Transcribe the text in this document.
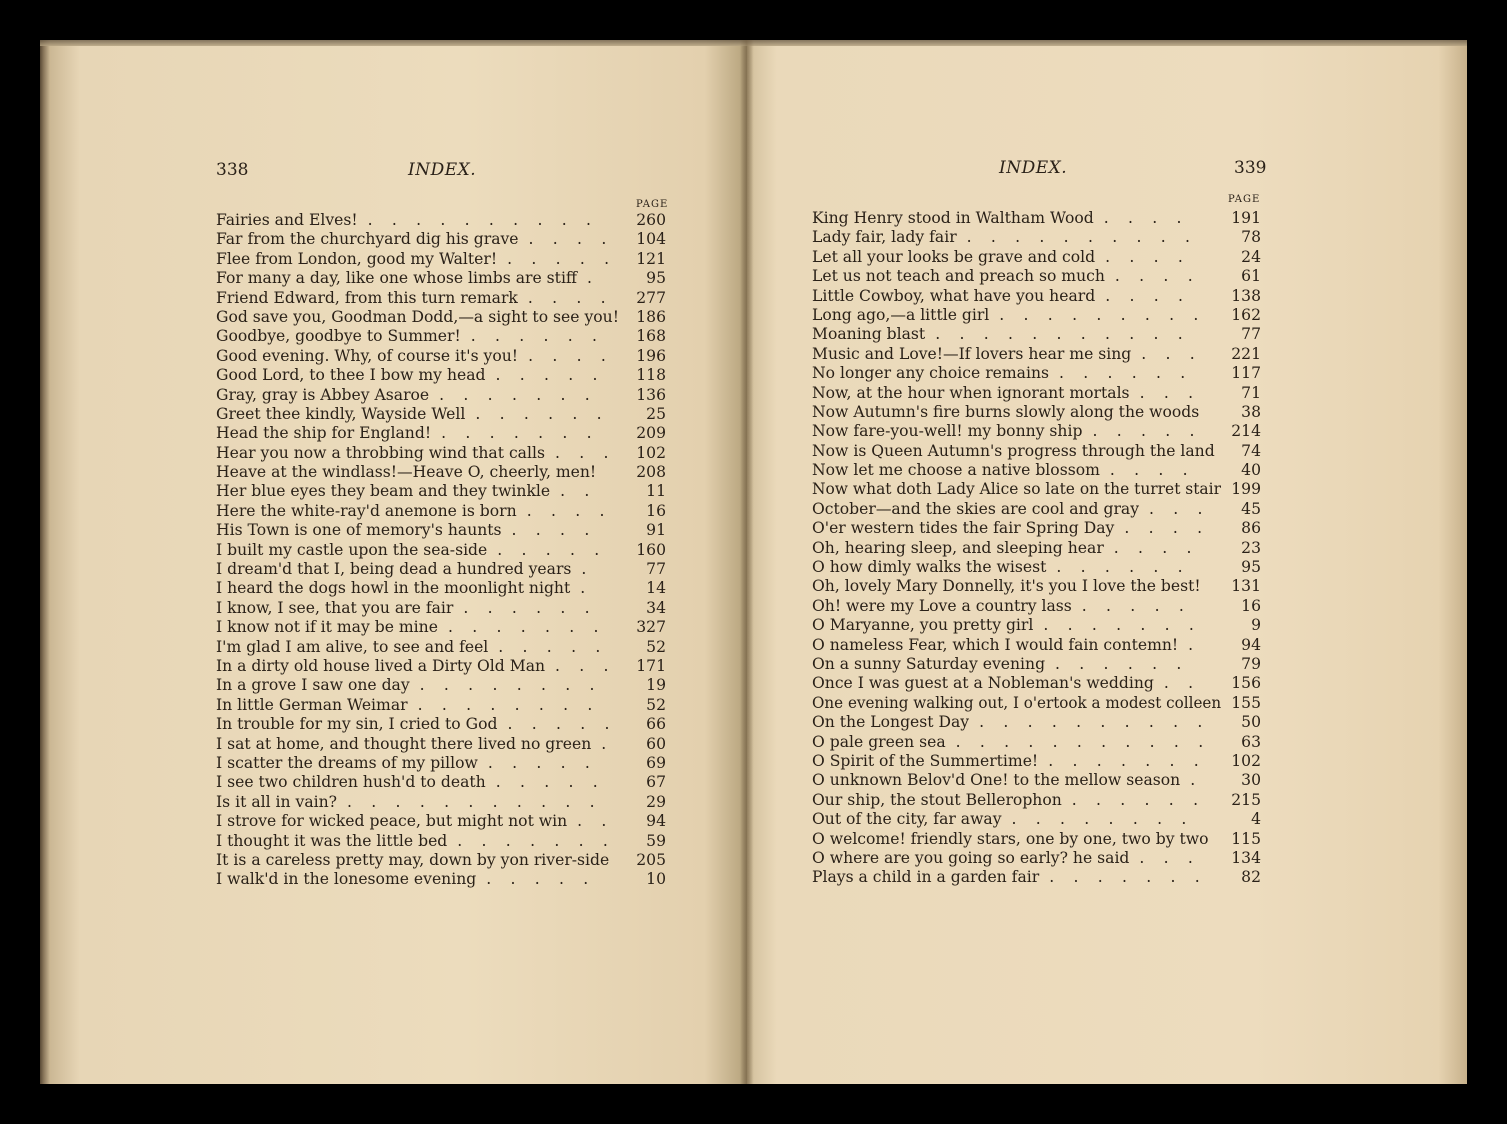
338	INDEX.
PAGE
Fairies and Elves! .......... 260
Far from the churchyard dig his grave .... 104
Flee from London, good my Walter! ..... 121
For many a day, like one whose limbs are stiff . 95
Friend Edward, from this turn remark .... 277
God save you, Goodman Dodd,—a sight to see you! 186
Goodbye, goodbye to Summer! ...... 168
Good evening. Why, of course it's you! .... 196
Good Lord, to thee I bow my head ..... 118
Gray, gray is Abbey Asaroe ....... 136
Greet thee kindly, Wayside Well ...... 25
Head the ship for England! ....... 209
Hear you now a throbbing wind that calls ... 102
Heave at the windlass!—Heave O, cheerly, men!	208
Her blue eyes they beam and they twinkle .. 11
Here the white-ray'd anemone is born .... 16
His Town is one of memory's haunts .... 91
I built my castle upon the sea-side ..... 160
I dream'd that I, being dead a hundred years .	77
I heard the dogs howl in the moonlight night .	14
I know, I see, that you are fair ...... 34
I know not if it may be mine ....... 327
I'm glad I am alive, to see and feel ..... 52
In a dirty old house lived a Dirty Old Man ... 171
In a grove I saw one day ........ 19
In little German Weimar ........ 52
In trouble for my sin, I cried to God ..... 66
I sat at home, and thought there lived no green . 60
I scatter the dreams of my pillow ..... 69
I see two children hush'd to death ..... 67
Is it all in vain? ........... 29
I strove for wicked peace, but might not win .. 94
I thought it was the little bed ....... 59
It is a careless pretty may, down by yon river-side 205
I walk'd in the lonesome evening ..... 10
INDEX.	339
PAGE
King Henry stood in Waltham Wood .... 191
Lady fair, lady fair .......... 78
Let all your looks be grave and cold ....	24
Let us not teach and preach so much .... 61
Little Cowboy, what have you heard .... 138
Long ago,—a little girl ......... 162
Moaning blast ...........	77
Music and Love!—If lovers hear me sing ... 221
No longer any choice remains ...... 117
Now, at the hour when ignorant mortals ... 71
Now Autumn's fire burns slowly along the woods	38
Now fare-you-well! my bonny ship ..... 214
Now is Queen Autumn's progress through the land 74
Now let me choose a native blossom .... 40
Now what doth Lady Alice so late on the turret stair 199
October—and the skies are cool and gray ... 45
O'er western tides the fair Spring Day .... 86
Oh, hearing sleep, and sleeping hear .... 23
O how dimly walks the wisest ......	95
Oh, lovely Mary Donnelly, it's you I love the best! 131
Oh! were my Love a country lass ..... 16
O Maryanne, you pretty girl ....... 9
O nameless Fear, which I would fain contemn! . 94
On a sunny Saturday evening ......	79
Once I was guest at a Nobleman's wedding .. 156
One evening walking out, I o'ertook a modest colleen 155
On the Longest Day .......... 50
O pale green sea ........... 63
O Spirit of the Summertime! ....... 102
O unknown Belov'd One! to the mellow season . 30
Our ship, the stout Bellerophon ...... 215
Out of the city, far away ........	4
O welcome! friendly stars, one by one, two by two 115
O where are you going so early? he said ... 134
Plays a child in a garden fair ....... 82
